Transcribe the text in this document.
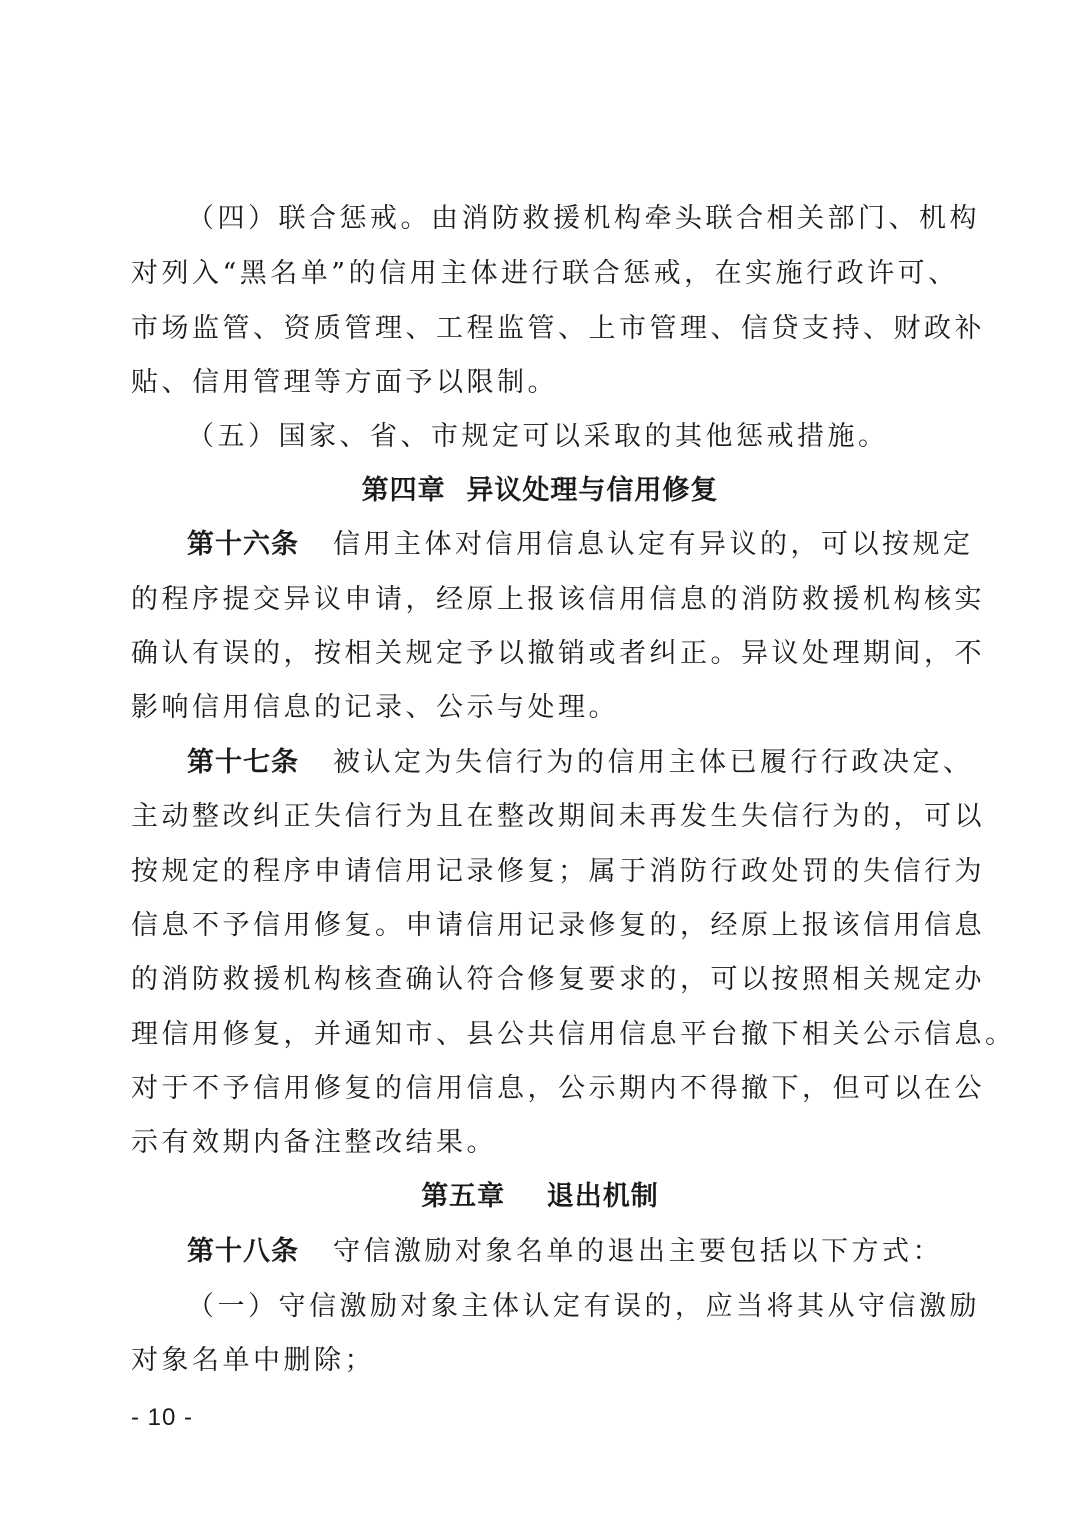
（四）联合惩戒。由消防救援机构牵头联合相关部门、机构
对列入“黑名单”的信用主体进行联合惩戒，在实施行政许可、
市场监管、资质管理、工程监管、上市管理、信贷支持、财政补
贴、信用管理等方面予以限制。
（五）国家、省、市规定可以采取的其他惩戒措施。
第四章  异议处理与信用修复
第十六条 信用主体对信用信息认定有异议的，可以按规定
的程序提交异议申请，经原上报该信用信息的消防救援机构核实
确认有误的，按相关规定予以撤销或者纠正。异议处理期间，不
影响信用信息的记录、公示与处理。
第十七条 被认定为失信行为的信用主体已履行行政决定、
主动整改纠正失信行为且在整改期间未再发生失信行为的，可以
按规定的程序申请信用记录修复；属于消防行政处罚的失信行为
信息不予信用修复。申请信用记录修复的，经原上报该信用信息
的消防救援机构核查确认符合修复要求的，可以按照相关规定办
理信用修复，并通知市、县公共信用信息平台撤下相关公示信息。
对于不予信用修复的信用信息，公示期内不得撤下，但可以在公
示有效期内备注整改结果。
第五章    退出机制
第十八条 守信激励对象名单的退出主要包括以下方式：
（一）守信激励对象主体认定有误的，应当将其从守信激励
对象名单中删除；
- 10 -
